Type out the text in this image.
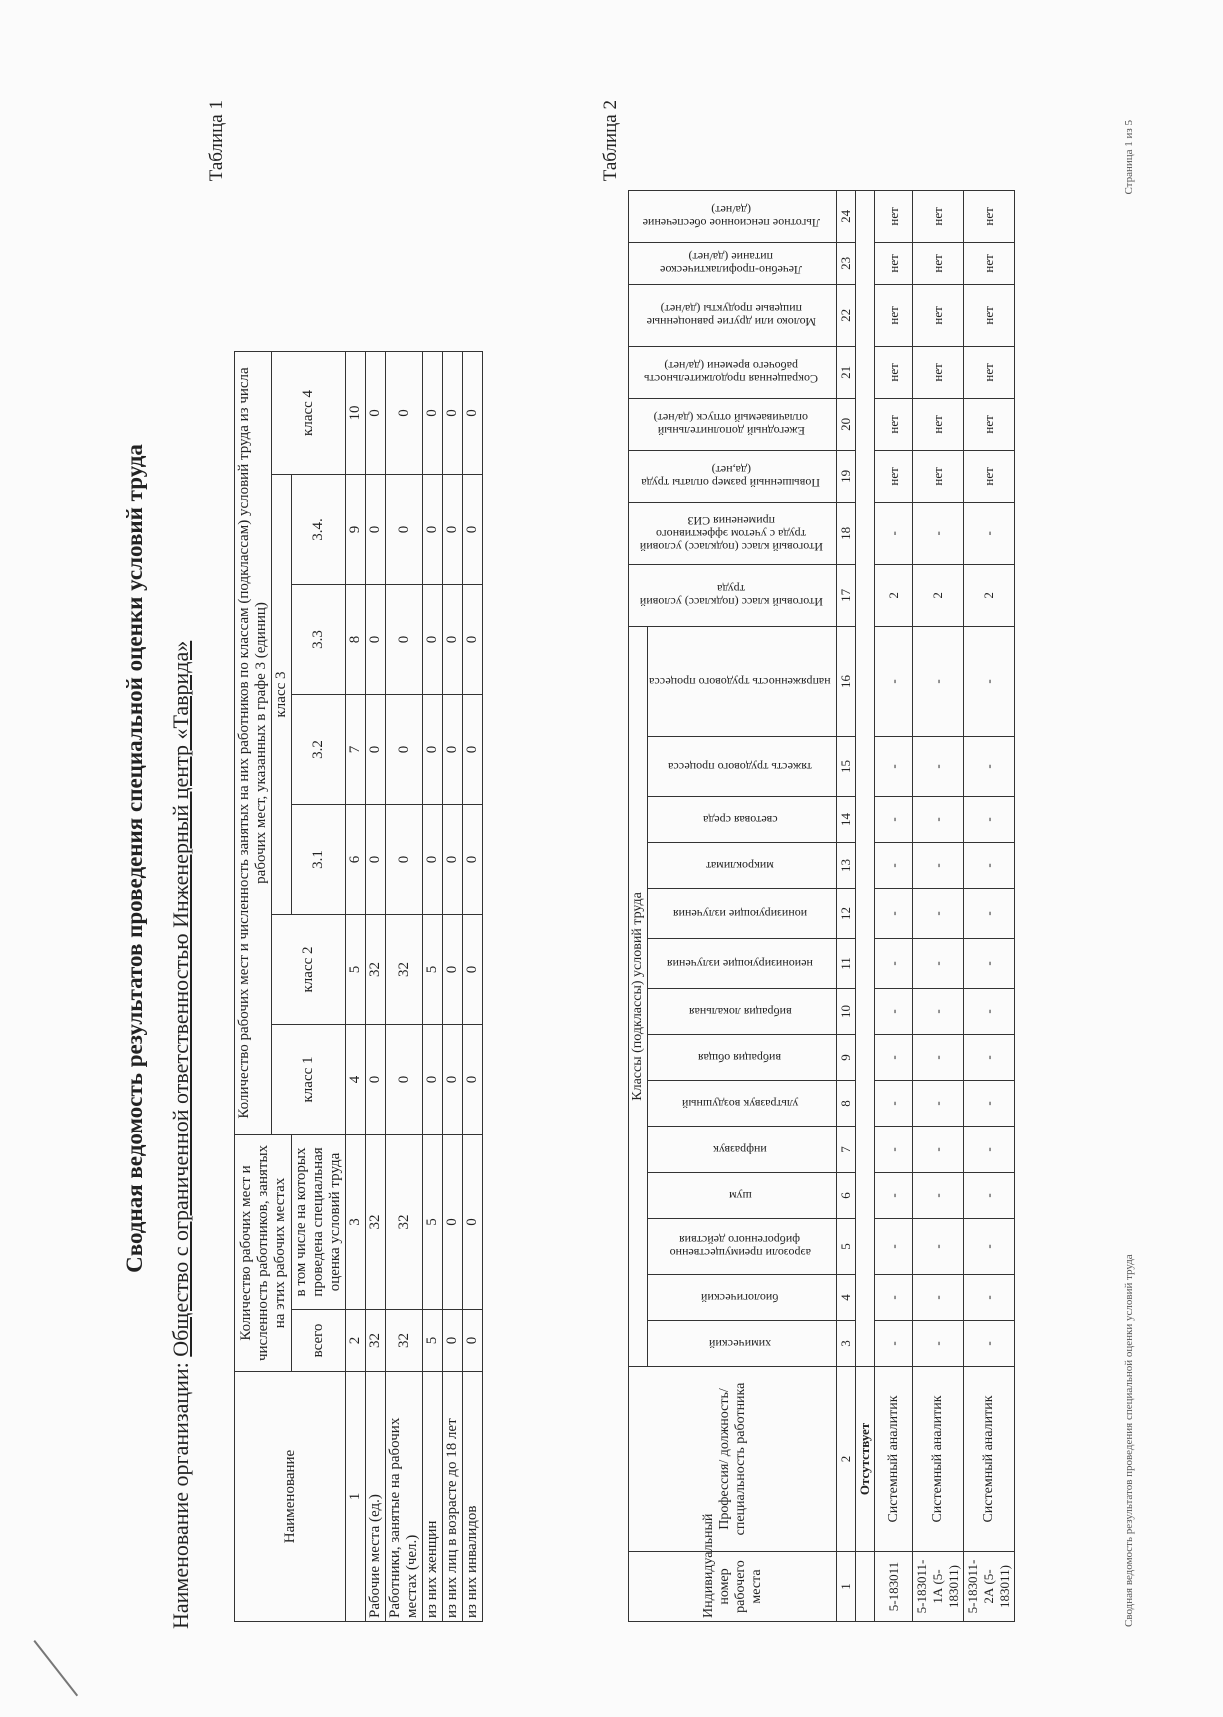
Сводная ведомость результатов проведения специальной оценки условий труда
Наименование организации: Общество с ограниченной ответственностью Инженерный центр «Таврида»
Таблица 1
Наименование	Количество рабочих мест и численность работников, занятых на этих рабочих местах		Количество рабочих мест и численность занятых на них работников по классам (подклассам) условий труда из числа рабочих мест, указанных в графе 3 (единиц)						
			класс 1	класс 2	класс 3				класс 4
	всего	в том числе на которых проведена специальная оценка условий труда			3.1	3.2	3.3	3.4.	
1	2	3	4	5	6	7	8	9	10
Рабочие места (ед.)	32	32	0	32	0	0	0	0	0
Работники, занятые на рабочих местах (чел.)	32	32	0	32	0	0	0	0	0
из них женщин	5	5	0	5	0	0	0	0	0
из них лиц в возрасте до 18 лет	0	0	0	0	0	0	0	0	0
из них инвалидов	0	0	0	0	0	0	0	0	0
Таблица 2
Индивидуальный номер рабочего места	Профессия/ должность/ специальность работника	Классы (подклассы) условий труда														Итоговый класс (подкласс) условий труда	Итоговый класс (подкласс) условий труда с учетом эффективного применения СИЗ	Повышенный размер оплаты труда (да,нет)	Ежегодный дополнительный оплачиваемый отпуск (да/нет)	Сокращенная продолжительность рабочего времени (да/нет)	Молоко или другие равноценные пищевые продукты (да/нет)	Лечебно-профилактическое питание (да/нет)	Льготное пенсионное обеспечение (да/нет)
		химический	биологический	аэрозоли преимущественно фиброгенного действия	шум	инфразвук	ультразвук воздушный	вибрация общая	вибрация локальная	неионизирующие излучения	ионизирующие излучения	микроклимат	световая среда	тяжесть трудового процесса	напряженность трудового процесса								
1	2	3	4	5	6	7	8	9	10	11	12	13	14	15	16	17	18	19	20	21	22	23	24
	Отсутствует																						
5-183011	Системный аналитик	-	-	-	-	-	-	-	-	-	-	-	-	-	-	2	-	нет	нет	нет	нет	нет	нет
5-183011-1А (5-183011)	Системный аналитик	-	-	-	-	-	-	-	-	-	-	-	-	-	-	2	-	нет	нет	нет	нет	нет	нет
5-183011-2А (5-183011)	Системный аналитик	-	-	-	-	-	-	-	-	-	-	-	-	-	-	2	-	нет	нет	нет	нет	нет	нет
Сводная ведомость результатов проведения специальной оценки условий труда
Страница 1 из 5
